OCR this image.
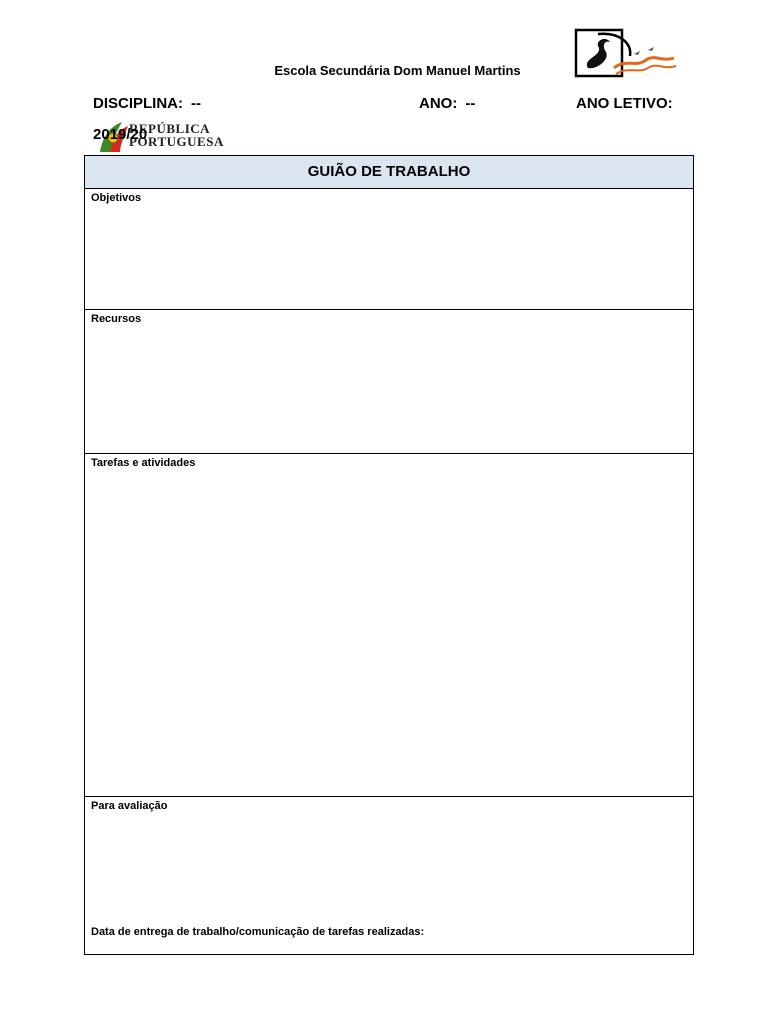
Escola Secundária Dom Manuel Martins
DISCIPLINA: --	ANO: --	ANO LETIVO:
REPÚBLICA
PORTUGUESA
2019/20
GUIÃO DE TRABALHO
Objetivos
Recursos
Tarefas e atividades
Para avaliação
Data de entrega de trabalho/comunicação de tarefas realizadas:
